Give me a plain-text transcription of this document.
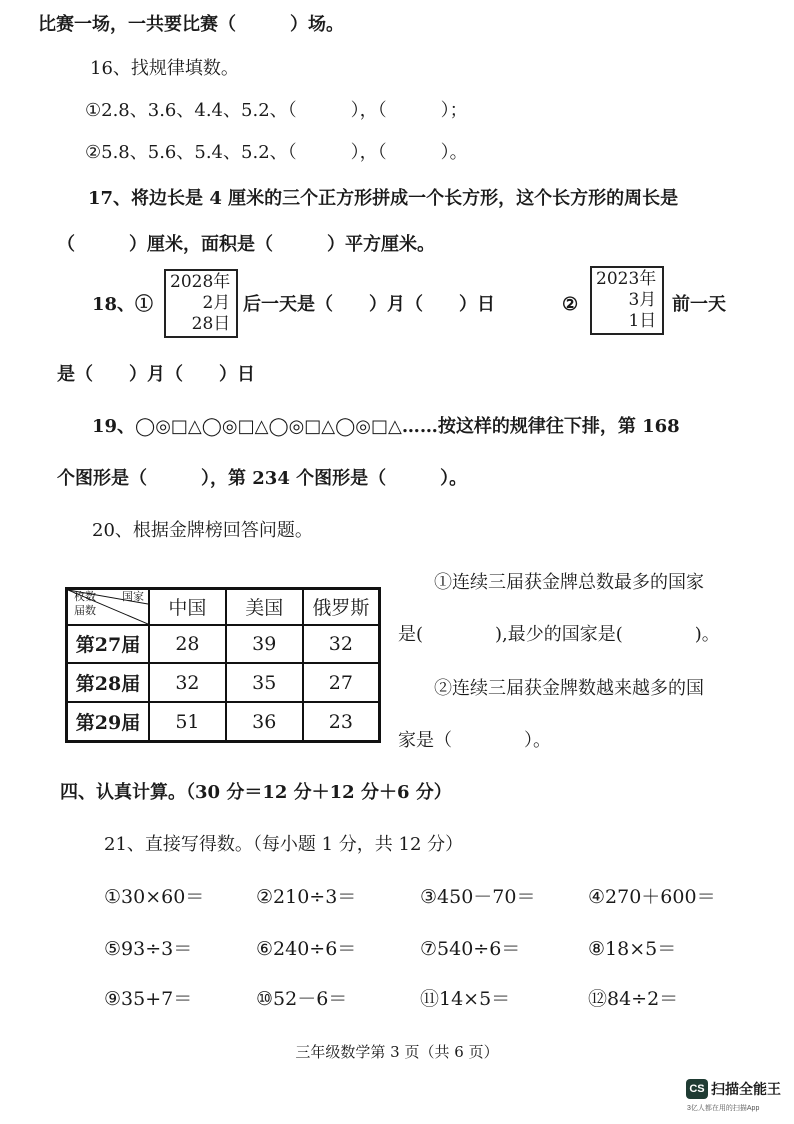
比赛一场，一共要比赛（　　　）场。
16、找规律填数。
①2.8、3.6、4.4、5.2、（　　　），（　　　）；
②5.8、5.6、5.4、5.2、（　　　），（　　　）。
17、将边长是 4 厘米的三个正方形拼成一个长方形，这个长方形的周长是
（　　　）厘米，面积是（　　　）平方厘米。
18、①
2028年
2月
28日
后一天是（　　）月（　　）日	②
2023年
3月
1日
前一天
是（　　）月（　　）日
19、◯◎□△◯◎□△◯◎□△◯◎□△……按这样的规律往下排，第 168
个图形是（　　　），第 234 个图形是（　　　）。
20、根据金牌榜回答问题。
国家
枚数
届数	中国	美国	俄罗斯
第27届	28	39	32
第28届	32	35	27
第29届	51	36	23
①连续三届获金牌总数最多的国家
是(　　　　),最少的国家是(　　　　)。
②连续三届获金牌数越来越多的国
家是（　　　　）。
四、认真计算。（30 分＝12 分＋12 分＋6 分）
21、直接写得数。（每小题 1 分，共 12 分）
①30×60＝	②210÷3＝	③450－70＝	④270＋600＝
⑤93÷3＝	⑥240÷6＝	⑦540÷6＝	⑧18×5＝
⑨35+7＝	⑩52－6＝	⑪14×5＝	⑫84÷2＝
三年级数学第 3 页（共 6 页）
CS 扫描全能王
3亿人都在用的扫描App
